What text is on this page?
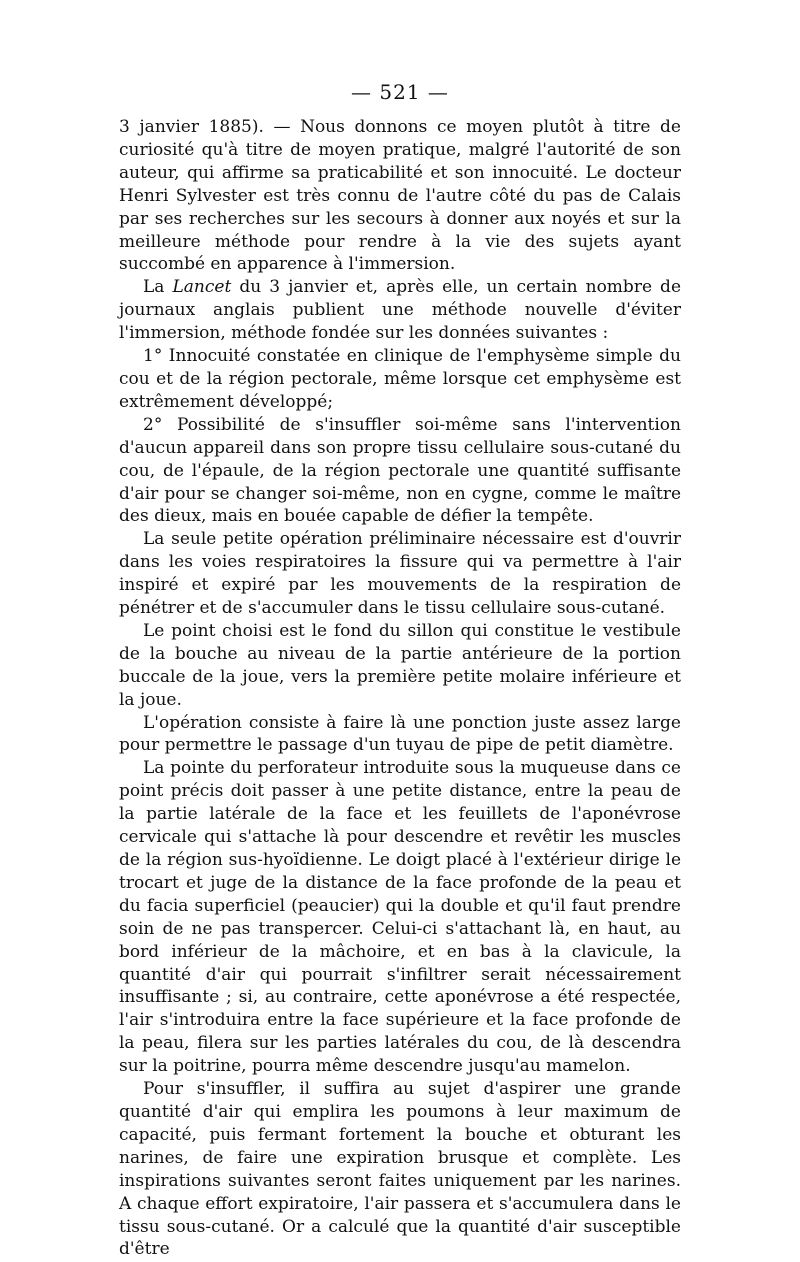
— 521 —

3 janvier 1885). — Nous donnons ce moyen plutôt à titre de curiosité qu'à titre de moyen pratique, malgré l'autorité de son auteur, qui affirme sa praticabilité et son innocuité. Le docteur Henri Sylvester est très connu de l'autre côté du pas de Calais par ses recherches sur les secours à donner aux noyés et sur la meilleure méthode pour rendre à la vie des sujets ayant succombé en apparence à l'immersion.

La Lancet du 3 janvier et, après elle, un certain nombre de journaux anglais publient une méthode nouvelle d'éviter l'immersion, méthode fondée sur les données suivantes :

1° Innocuité constatée en clinique de l'emphysème simple du cou et de la région pectorale, même lorsque cet emphysème est extrêmement développé;

2° Possibilité de s'insuffler soi-même sans l'intervention d'aucun appareil dans son propre tissu cellulaire sous-cutané du cou, de l'épaule, de la région pectorale une quantité suffisante d'air pour se changer soi-même, non en cygne, comme le maître des dieux, mais en bouée capable de défier la tempête.

La seule petite opération préliminaire nécessaire est d'ouvrir dans les voies respiratoires la fissure qui va permettre à l'air inspiré et expiré par les mouvements de la respiration de pénétrer et de s'accumuler dans le tissu cellulaire sous-cutané.

Le point choisi est le fond du sillon qui constitue le vestibule de la bouche au niveau de la partie antérieure de la portion buccale de la joue, vers la première petite molaire inférieure et la joue.

L'opération consiste à faire là une ponction juste assez large pour permettre le passage d'un tuyau de pipe de petit diamètre.

La pointe du perforateur introduite sous la muqueuse dans ce point précis doit passer à une petite distance, entre la peau de la partie latérale de la face et les feuillets de l'aponévrose cervicale qui s'attache là pour descendre et revêtir les muscles de la région sus-hyoïdienne. Le doigt placé à l'extérieur dirige le trocart et juge de la distance de la face profonde de la peau et du facia superficiel (peaucier) qui la double et qu'il faut prendre soin de ne pas transpercer. Celui-ci s'attachant là, en haut, au bord inférieur de la mâchoire, et en bas à la clavicule, la quantité d'air qui pourrait s'infiltrer serait nécessairement insuffisante ; si, au contraire, cette aponévrose a été respectée, l'air s'introduira entre la face supérieure et la face profonde de la peau, filera sur les parties latérales du cou, de là descendra sur la poitrine, pourra même descendre jusqu'au mamelon.

Pour s'insuffler, il suffira au sujet d'aspirer une grande quantité d'air qui emplira les poumons à leur maximum de capacité, puis fermant fortement la bouche et obturant les narines, de faire une expiration brusque et complète. Les inspirations suivantes seront faites uniquement par les narines. A chaque effort expiratoire, l'air passera et s'accumulera dans le tissu sous-cutané. Or a calculé que la quantité d'air susceptible d'être
